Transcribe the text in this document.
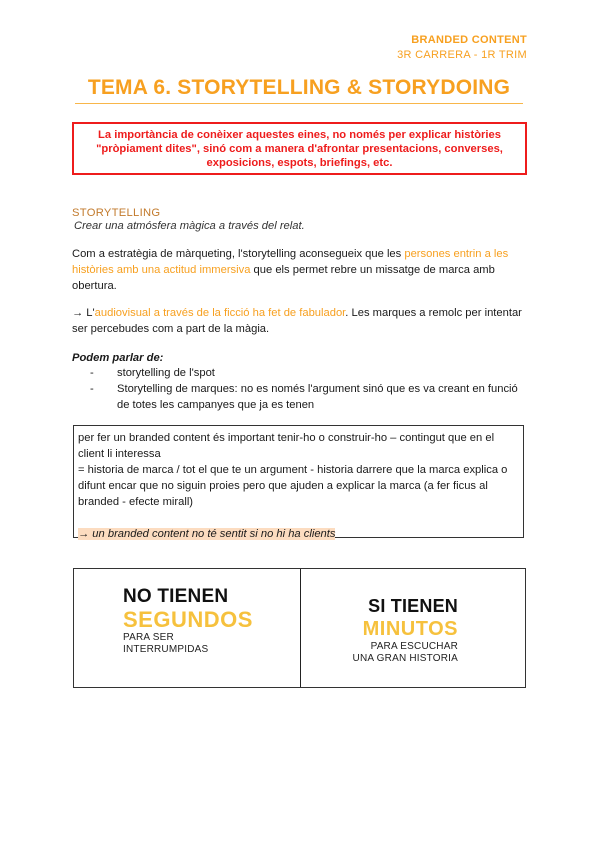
BRANDED CONTENT
3R CARRERA - 1R TRIM
TEMA 6. STORYTELLING & STORYDOING
La importància de conèixer aquestes eines, no només per explicar històries "pròpiament dites", sinó com a manera d'afrontar presentacions, converses, exposicions, espots, briefings, etc.
STORYTELLING
Crear una atmósfera màgica a través del relat.
Com a estratègia de màrqueting, l'storytelling aconsegueix que les persones entrin a les històries amb una actitud immersiva que els permet rebre un missatge de marca amb obertura.
→ L'audiovisual a través de la ficció ha fet de fabulador. Les marques a remolc per intentar ser percebudes com a part de la màgia.
Podem parlar de:
- storytelling de l'spot
- Storytelling de marques: no es només l'argument sinó que es va creant en funció de totes les campanyes que ja es tenen

per fer un branded content és important tenir-ho o construir-ho – contingut que en el client li interessa

= historia de marca / tot el que te un argument - historia darrere que la marca explica o difunt encar que no siguin proies pero que ajuden a explicar la marca (a fer ficus al branded - efecte mirall)

→ un branded content no té sentit si no hi ha clients

NO TIENEN
SEGUNDOS
PARA SER
INTERRUMPIDAS
SI TIENEN
MINUTOS
PARA ESCUCHAR
UNA GRAN HISTORIA
